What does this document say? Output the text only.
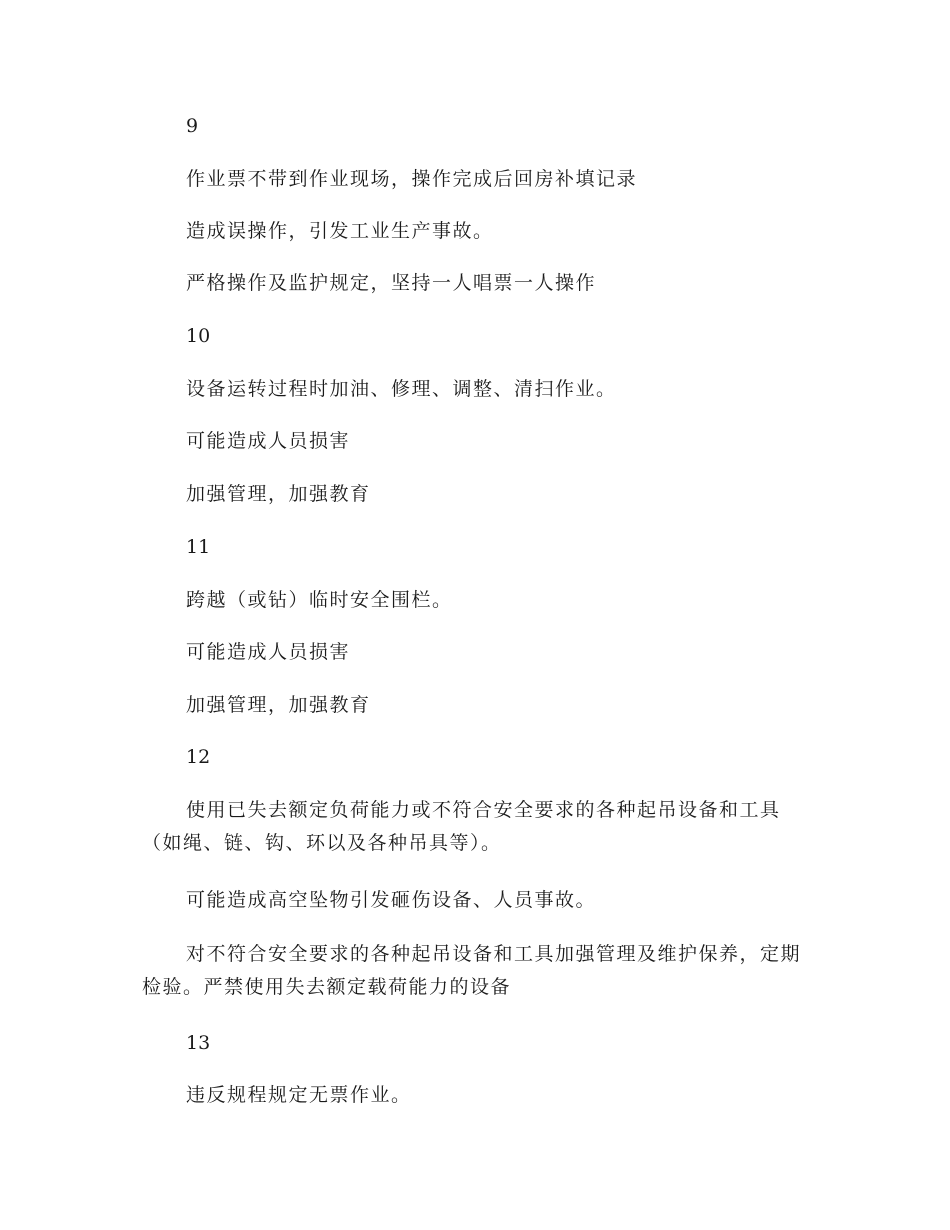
9

作业票不带到作业现场，操作完成后回房补填记录

造成误操作，引发工业生产事故。

严格操作及监护规定，坚持一人唱票一人操作

10

设备运转过程时加油、修理、调整、清扫作业。

可能造成人员损害

加强管理，加强教育

11

跨越（或钻）临时安全围栏。

可能造成人员损害

加强管理，加强教育

12

使用已失去额定负荷能力或不符合安全要求的各种起吊设备和工具（如绳、链、钩、环以及各种吊具等）。

可能造成高空坠物引发砸伤设备、人员事故。

对不符合安全要求的各种起吊设备和工具加强管理及维护保养，定期检验。严禁使用失去额定载荷能力的设备

13

违反规程规定无票作业。
